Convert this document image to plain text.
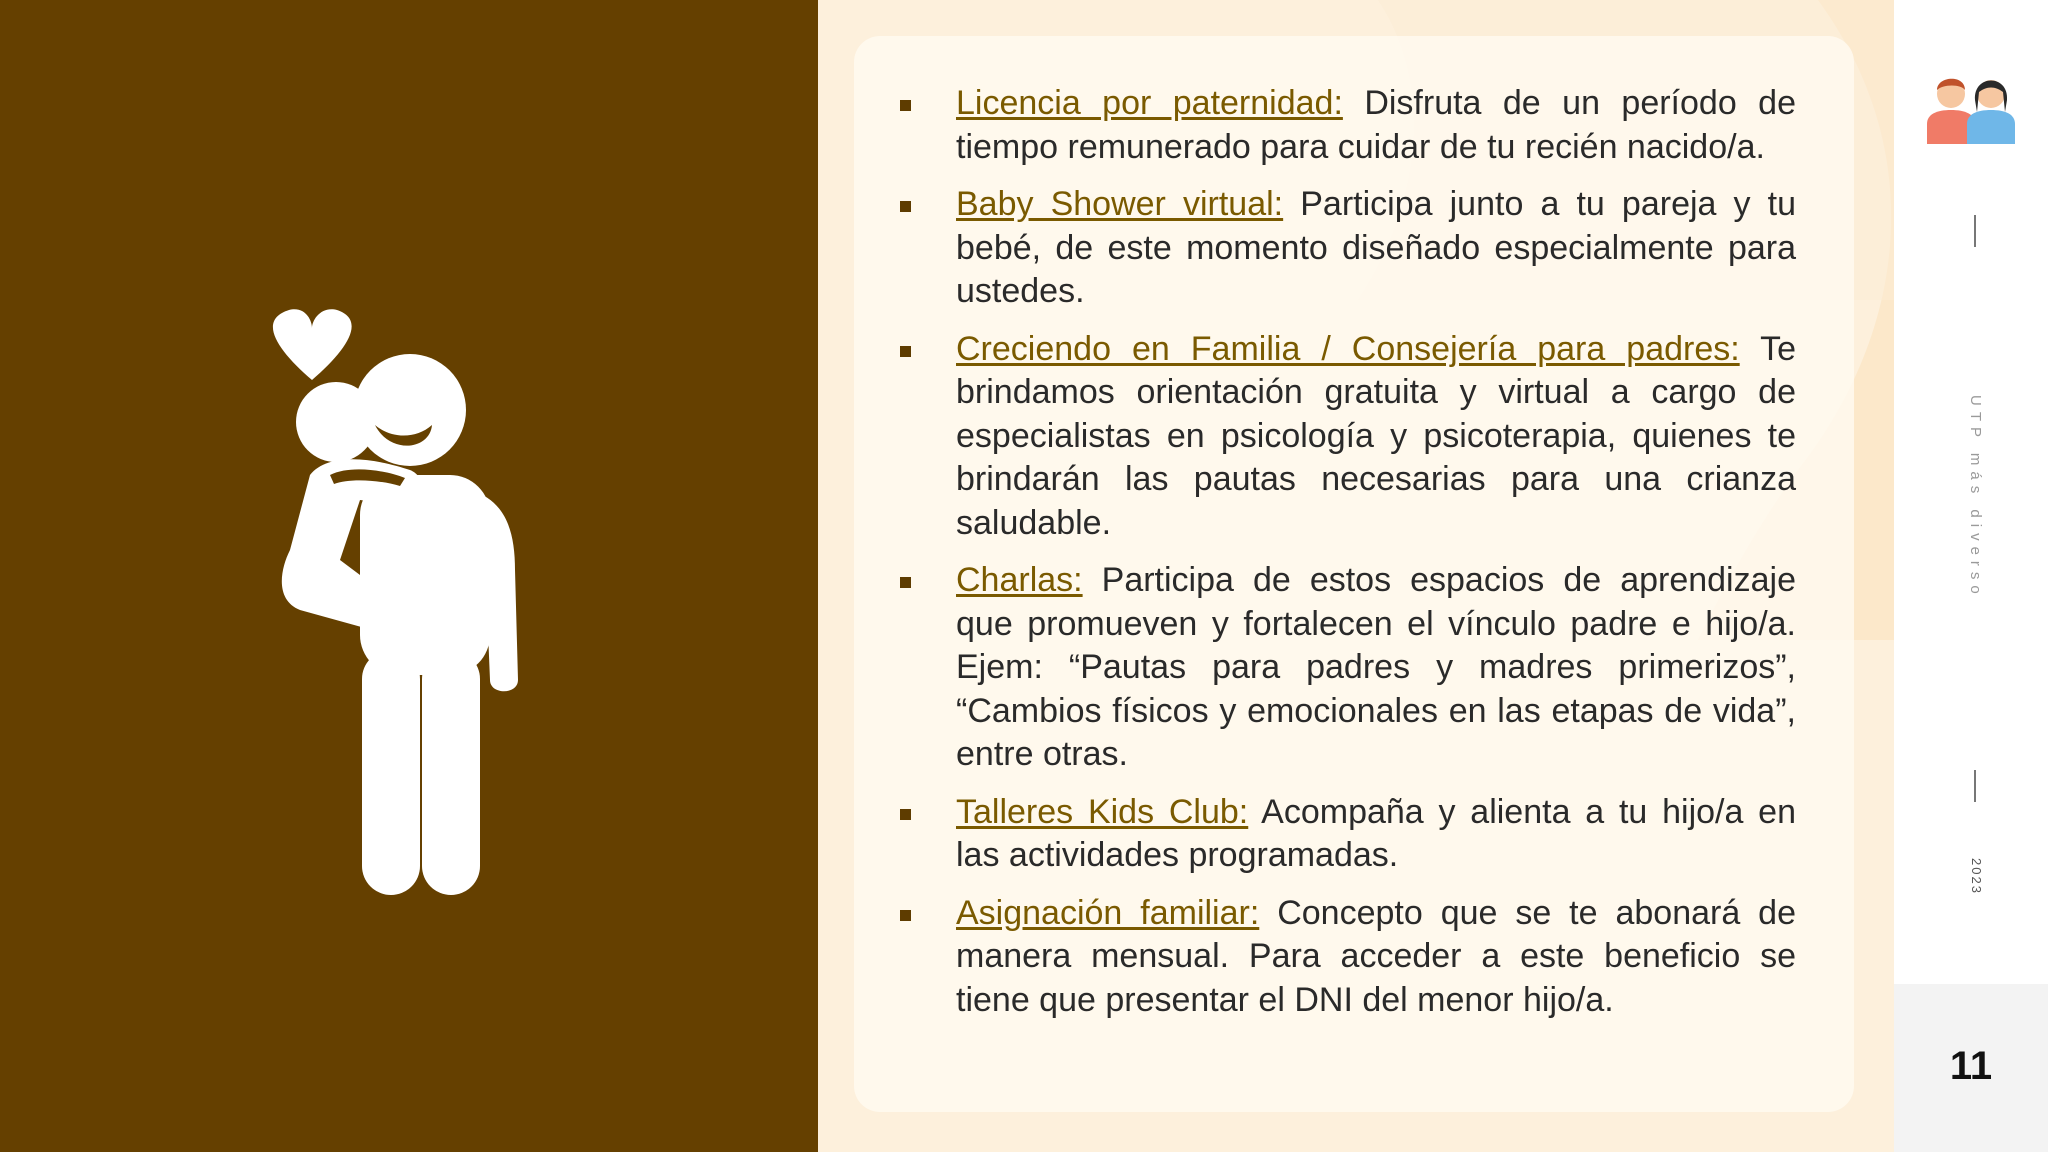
Licencia por paternidad: Disfruta de un período de tiempo remunerado para cuidar de tu recién nacido/a.
Baby Shower virtual: Participa junto a tu pareja y tu bebé, de este momento diseñado especialmente para ustedes.
Creciendo en Familia / Consejería para padres: Te brindamos orientación gratuita y virtual a cargo de especialistas en psicología y psicoterapia, quienes te brindarán las pautas necesarias para una crianza saludable.
Charlas: Participa de estos espacios de aprendizaje que promueven y fortalecen el vínculo padre e hijo/a. Ejem: “Pautas para padres y madres primerizos”, “Cambios físicos y emocionales en las etapas de vida”, entre otras.
Talleres Kids Club: Acompaña y alienta a tu hijo/a en las actividades programadas.
Asignación familiar: Concepto que se te abonará de manera mensual. Para acceder a este beneficio se tiene que presentar el DNI del menor hijo/a.
UTP más diverso
2023
11
